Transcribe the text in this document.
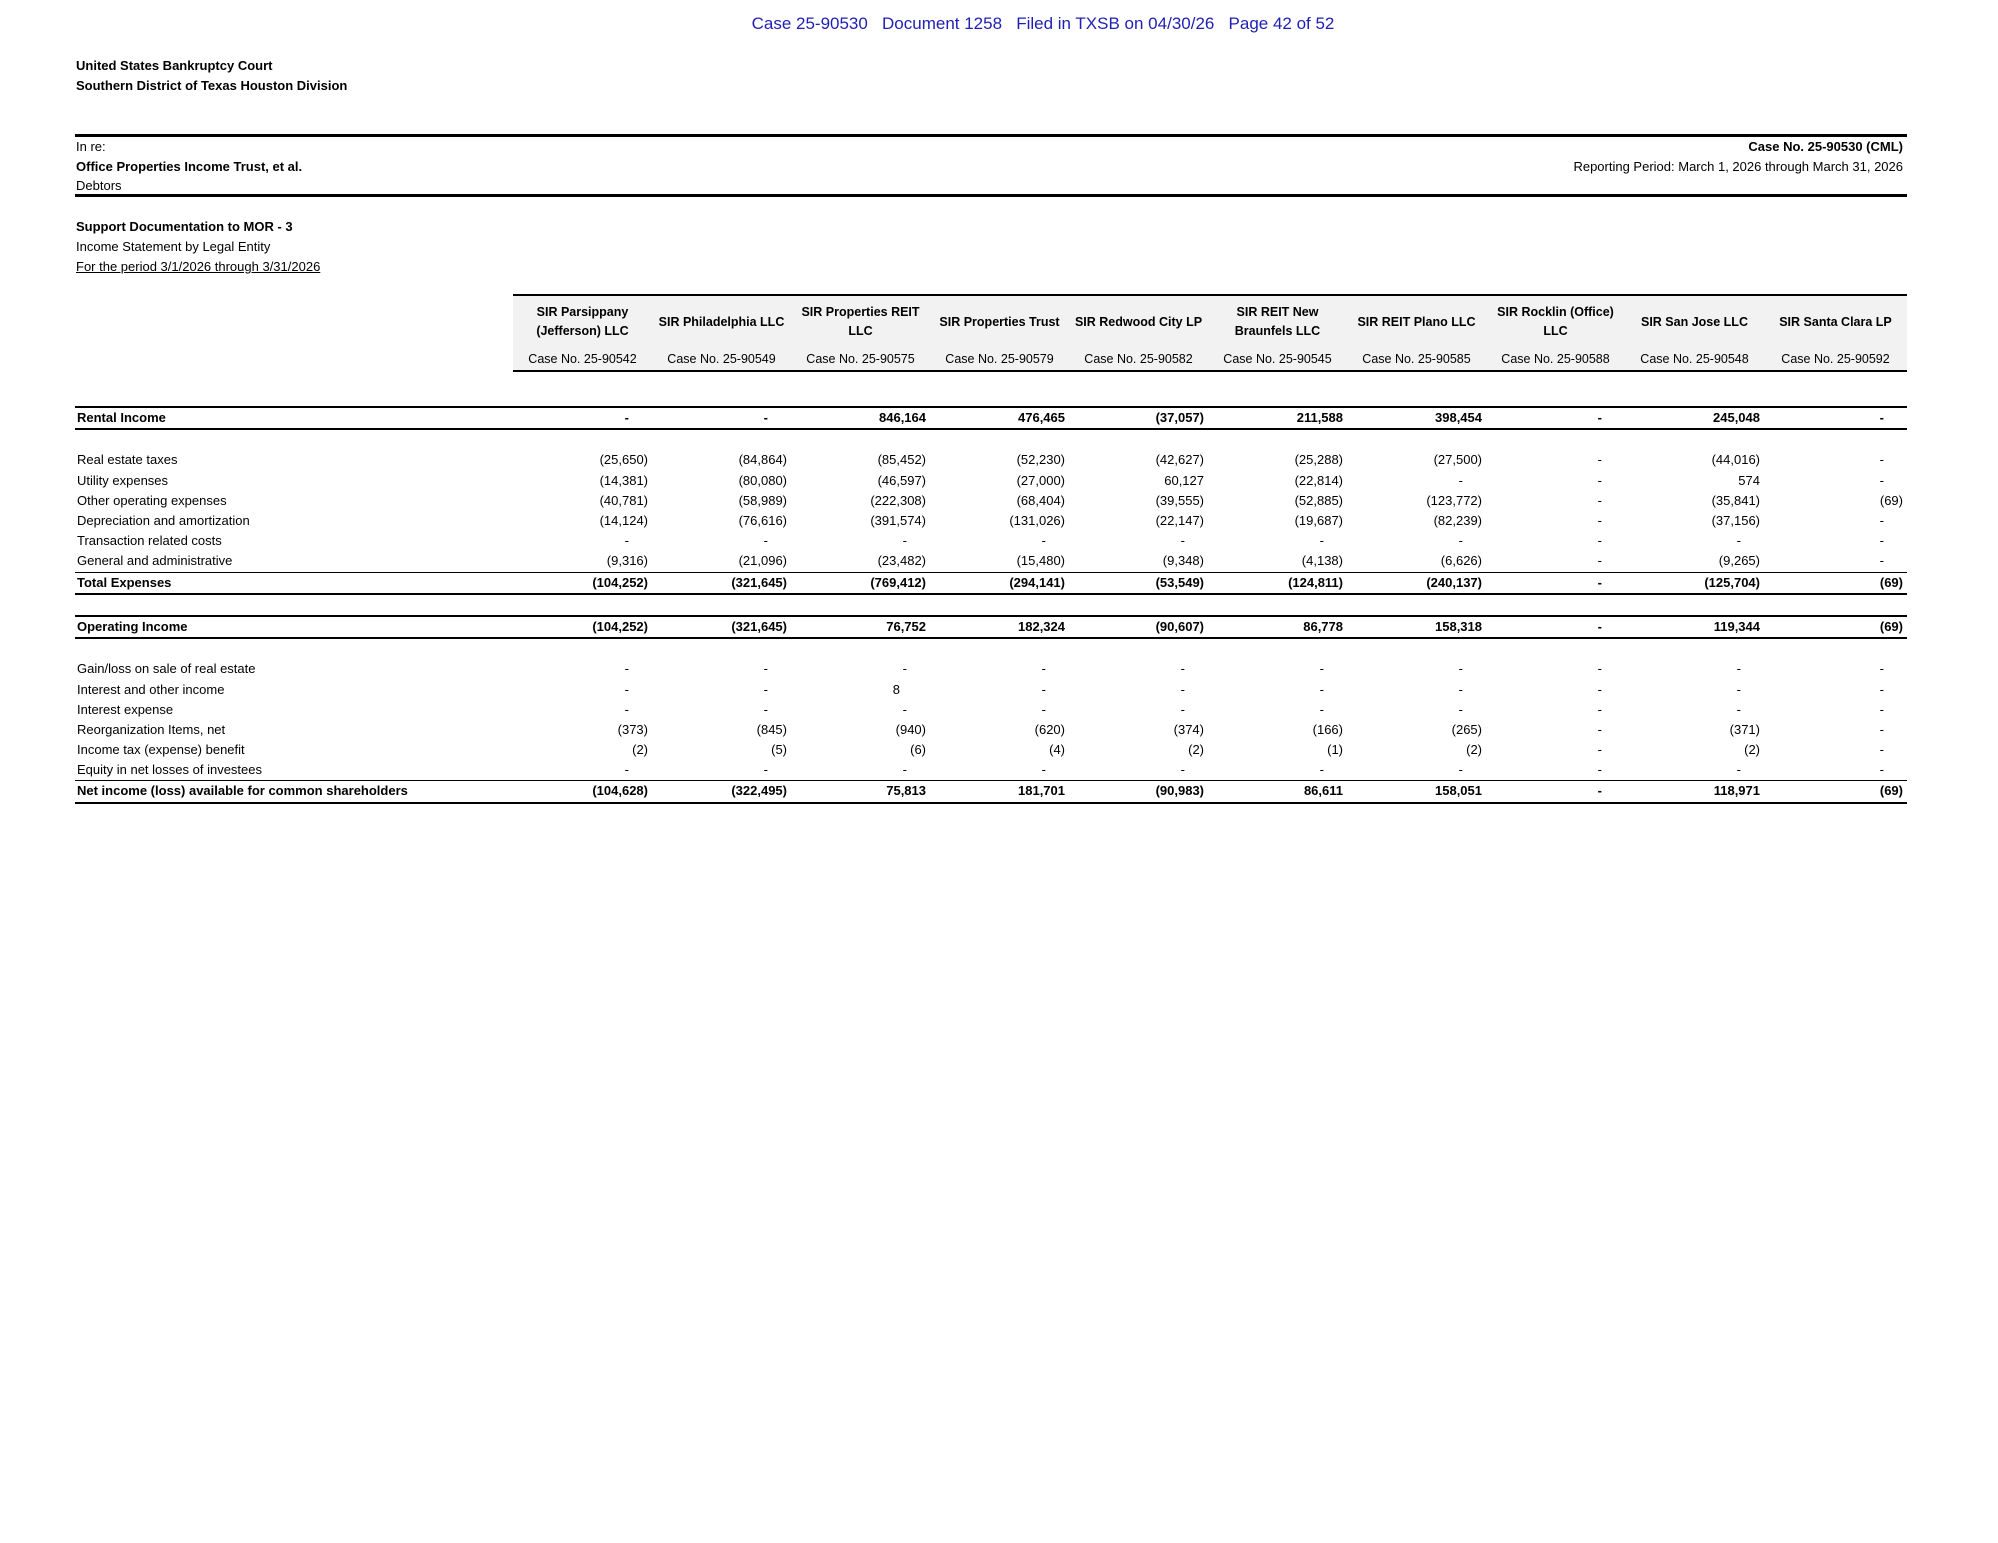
Case 25-90530   Document 1258   Filed in TXSB on 04/30/26   Page 42 of 52
United States Bankruptcy Court
Southern District of Texas Houston Division
In re:
Office Properties Income Trust, et al.
Debtors
Case No. 25-90530 (CML)
Reporting Period: March 1, 2026 through March 31, 2026
Support Documentation to MOR - 3
Income Statement by Legal Entity
For the period 3/1/2026 through 3/31/2026
SIR Parsippany (Jefferson) LLC	SIR Philadelphia LLC	SIR Properties REIT LLC	SIR Properties Trust	SIR Redwood City LP	SIR REIT New Braunfels LLC	SIR REIT Plano LLC	SIR Rocklin (Office) LLC	SIR San Jose LLC	SIR Santa Clara LP
Case No. 25-90542	Case No. 25-90549	Case No. 25-90575	Case No. 25-90579	Case No. 25-90582	Case No. 25-90545	Case No. 25-90585	Case No. 25-90588	Case No. 25-90548	Case No. 25-90592
Rental Income	-	-	846,164	476,465	(37,057)	211,588	398,454	-	245,048	-

Real estate taxes	(25,650)	(84,864)	(85,452)	(52,230)	(42,627)	(25,288)	(27,500)	-	(44,016)	-
Utility expenses	(14,381)	(80,080)	(46,597)	(27,000)	60,127	(22,814)	-	-	574	-
Other operating expenses	(40,781)	(58,989)	(222,308)	(68,404)	(39,555)	(52,885)	(123,772)	-	(35,841)	(69)
Depreciation and amortization	(14,124)	(76,616)	(391,574)	(131,026)	(22,147)	(19,687)	(82,239)	-	(37,156)	-
Transaction related costs	-	-	-	-	-	-	-	-	-	-
General and administrative	(9,316)	(21,096)	(23,482)	(15,480)	(9,348)	(4,138)	(6,626)	-	(9,265)	-
Total Expenses	(104,252)	(321,645)	(769,412)	(294,141)	(53,549)	(124,811)	(240,137)	-	(125,704)	(69)

Operating Income	(104,252)	(321,645)	76,752	182,324	(90,607)	86,778	158,318	-	119,344	(69)

Gain/loss on sale of real estate	-	-	-	-	-	-	-	-	-	-
Interest and other income	-	-	8	-	-	-	-	-	-	-
Interest expense	-	-	-	-	-	-	-	-	-	-
Reorganization Items, net	(373)	(845)	(940)	(620)	(374)	(166)	(265)	-	(371)	-
Income tax (expense) benefit	(2)	(5)	(6)	(4)	(2)	(1)	(2)	-	(2)	-
Equity in net losses of investees	-	-	-	-	-	-	-	-	-	-
Net income (loss) available for common shareholders	(104,628)	(322,495)	75,813	181,701	(90,983)	86,611	158,051	-	118,971	(69)
